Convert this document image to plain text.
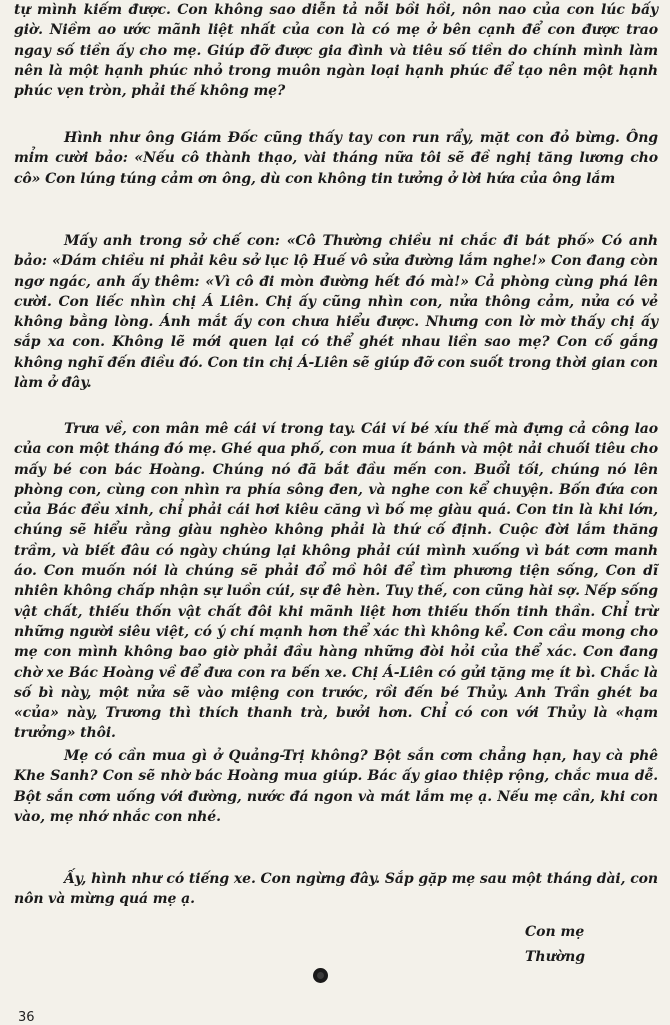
tự mình kiếm được. Con không sao diễn tả nỗi bồi hồi, nôn nao của con lúc bấy giờ. Niềm ao ước mãnh liệt nhất của con là có mẹ ở bên cạnh để con được trao ngay số tiền ấy cho mẹ. Giúp đỡ được gia đình và tiêu số tiền do chính mình làm nên là một hạnh phúc nhỏ trong muôn ngàn loại hạnh phúc để tạo nên một hạnh phúc vẹn tròn, phải thế không mẹ?

Hình như ông Giám Đốc cũng thấy tay con run rẩy, mặt con đỏ bừng. Ông mỉm cười bảo: «Nếu cô thành thạo, vài tháng nữa tôi sẽ đề nghị tăng lương cho cô» Con lúng túng cảm ơn ông, dù con không tin tưởng ở lời hứa của ông lắm

Mấy anh trong sở chế con: «Cô Thường chiều ni chắc đi bát phố» Có anh bảo: «Dám chiều ni phải kêu sở lục lộ Huế vô sửa đường lắm nghe!» Con đang còn ngơ ngác, anh ấy thêm: «Vì cô đi mòn đường hết đó mà!» Cả phòng cùng phá lên cười. Con liếc nhìn chị Á Liên. Chị ấy cũng nhìn con, nửa thông cảm, nửa có vẻ không bằng lòng. Ánh mắt ấy con chưa hiểu được. Nhưng con lờ mờ thấy chị ấy sắp xa con. Không lẽ mới quen lại có thể ghét nhau liền sao mẹ? Con cố gắng không nghĩ đến điều đó. Con tin chị Á-Liên sẽ giúp đỡ con suốt trong thời gian con làm ở đây.

Trưa về, con mân mê cái ví trong tay. Cái ví bé xíu thế mà đựng cả công lao của con một tháng đó mẹ. Ghé qua phố, con mua ít bánh và một nải chuối tiêu cho mấy bé con bác Hoàng. Chúng nó đã bắt đầu mến con. Buổi tối, chúng nó lên phòng con, cùng con nhìn ra phía sông đen, và nghe con kể chuyện. Bốn đứa con của Bác đều xinh, chỉ phải cái hơi kiêu căng vì bố mẹ giàu quá. Con tin là khi lớn, chúng sẽ hiểu rằng giàu nghèo không phải là thứ cố định. Cuộc đời lắm thăng trầm, và biết đâu có ngày chúng lại không phải cúi mình xuống vì bát cơm manh áo. Con muốn nói là chúng sẽ phải đổ mồ hôi để tìm phương tiện sống, Con dĩ nhiên không chấp nhận sự luồn cúi, sự đê hèn. Tuy thế, con cũng hài sợ. Nếp sống vật chất, thiếu thốn vật chất đôi khi mãnh liệt hơn thiếu thốn tinh thần. Chỉ trừ những người siêu việt, có ý chí mạnh hơn thể xác thì không kể. Con cầu mong cho mẹ con mình không bao giờ phải đầu hàng những đòi hỏi của thể xác. Con đang chờ xe Bác Hoàng về để đưa con ra bến xe. Chị Á-Liên có gửi tặng mẹ ít bì. Chắc là số bì này, một nửa sẽ vào miệng con trước, rồi đến bé Thủy. Anh Trần ghét ba «của» này, Trương thì thích thanh trà, bưởi hơn. Chỉ có con với Thủy là «hạm trưởng» thôi.

Mẹ có cần mua gì ở Quảng-Trị không? Bột sắn cơm chẳng hạn, hay cà phê Khe Sanh? Con sẽ nhờ bác Hoàng mua giúp. Bác ấy giao thiệp rộng, chắc mua dễ. Bột sắn cơm uống với đường, nước đá ngon và mát lắm mẹ ạ. Nếu mẹ cần, khi con vào, mẹ nhớ nhắc con nhé.

Ấy, hình như có tiếng xe. Con ngừng đây. Sắp gặp mẹ sau một tháng dài, con nôn và mừng quá mẹ ạ.

Con mẹ
Thường
36
